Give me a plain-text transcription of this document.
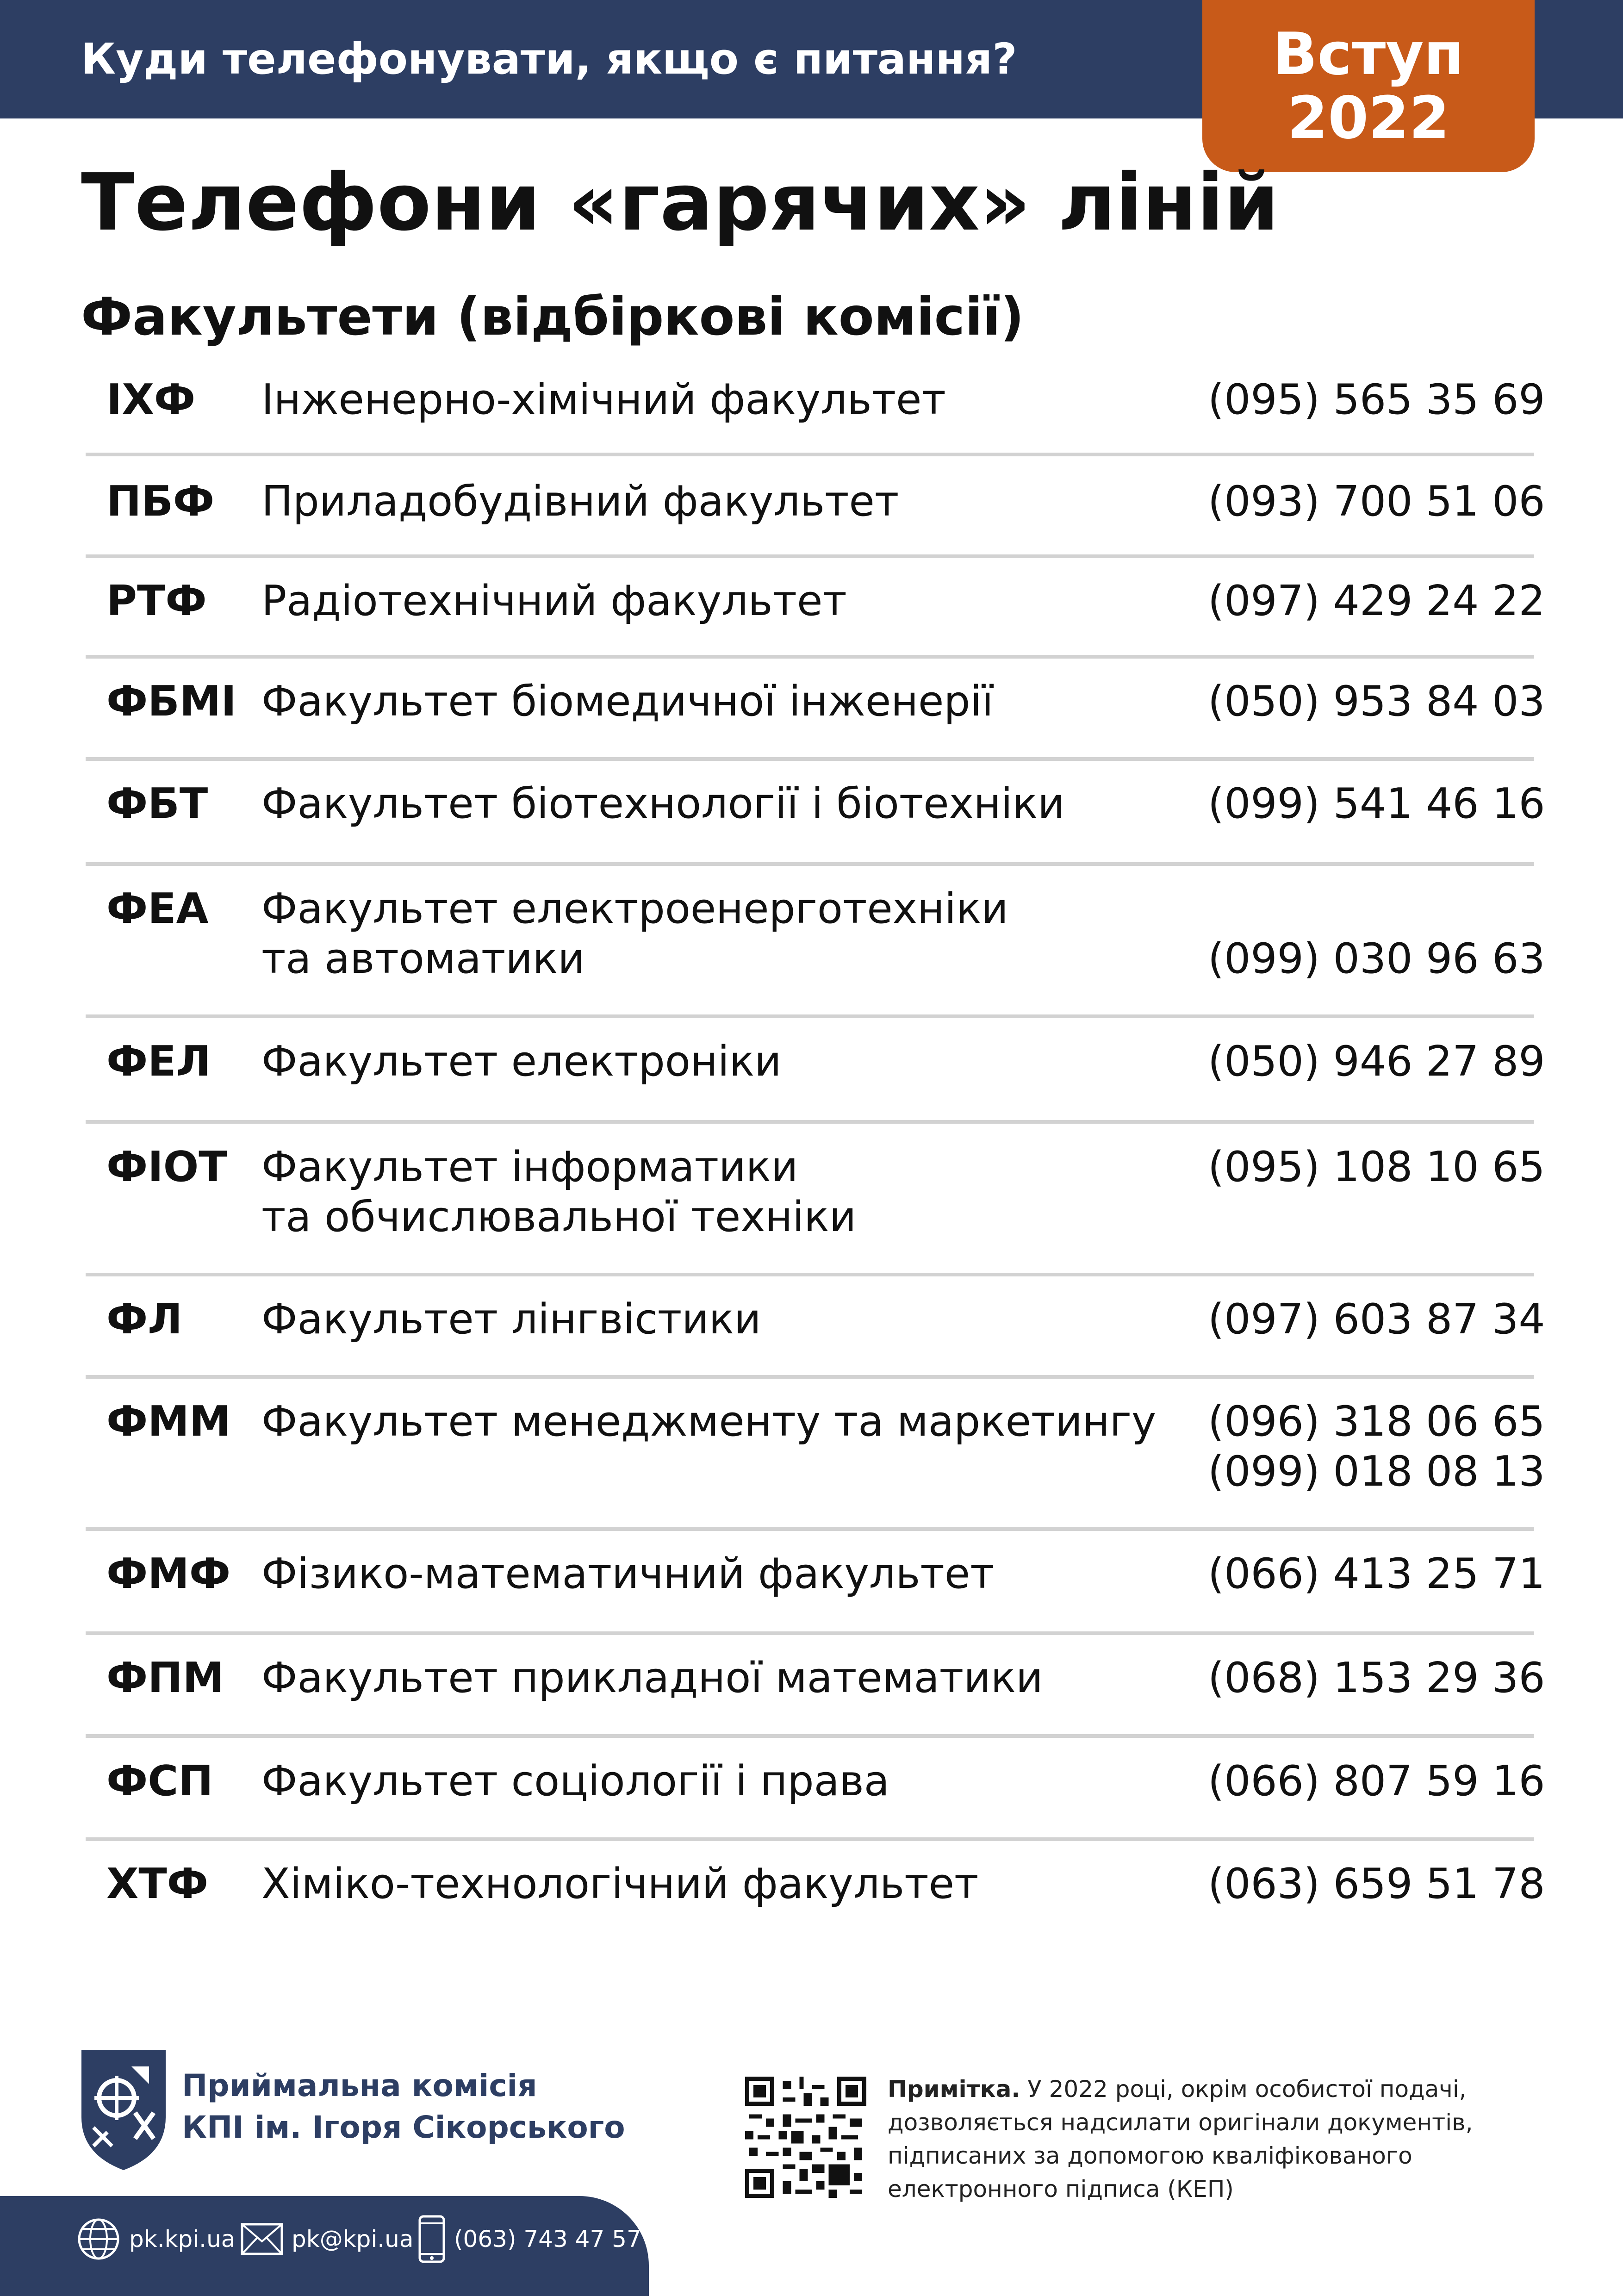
Куди телефонувати, якщо є питання?	Вступ
2022
Телефони «гарячих» ліній
Факультети (відбіркові комісії)
ІХФ Інженерно-хімічний факультет	(095) 565 35 69
ПБФ Приладобудівний факультет	(093) 700 51 06
РТФ Радіотехнічний факультет	(097) 429 24 22
ФБМІ Факультет біомедичної інженерії	(050) 953 84 03
ФБТ Факультет біотехнології і біотехніки	(099) 541 46 16
ФЕА Факультет електроенерготехніки
та автоматики	(099) 030 96 63
ФЕЛ Факультет електроніки	(050) 946 27 89
ФІОТ Факультет інформатики
та обчислювальної техніки
(095) 108 10 65
ФЛ Факультет лінгвістики	(097) 603 87 34
ФММ Факультет менеджменту та маркетингу (096) 318 06 65
(099) 018 08 13
ФМФ Фізико-математичний факультет	(066) 413 25 71
ФПМ Факультет прикладної математики	(068) 153 29 36
ФСП Факультет соціології і права	(066) 807 59 16
ХТФ Хіміко-технологічний факультет	(063) 659 51 78
Приймальна комісія
КПІ ім. Ігоря Сікорського
Примітка. У 2022 році, окрім особистої подачі, дозволяється надсилати оригінали документів, підписаних за допомогою кваліфікованого електронного підпиcа (КЕП)
pk.kpi.ua pk@kpi.ua (063) 743 47 57
